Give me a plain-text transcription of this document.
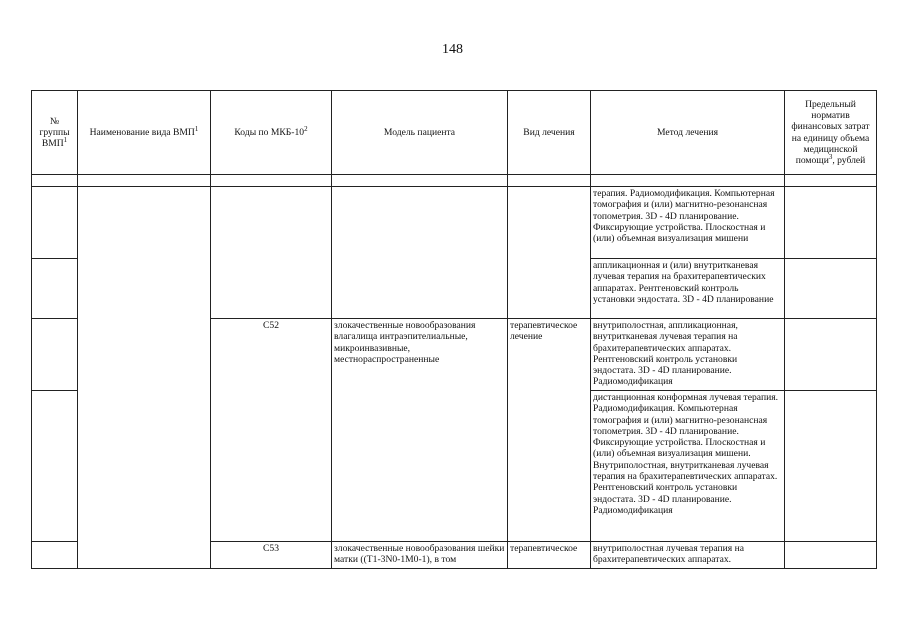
148
№ группы ВМП$^1$	Наименование вида ВМП$^1$	Коды по МКБ-$10^2$	Модель пациента	Вид лечения	Метод лечения	Предельный норматив финансовых затрат на единицу объема медицинской помощи$^3$, рублей

					терапия. Радиомодификация. Компьютерная томография и (или) магнитно-резонансная топометрия. 3D - 4D планирование. Фиксирующие устройства. Плоскостная и (или) объемная визуализация мишени	
					аппликационная и (или) внутритканевая лучевая терапия на брахитерапевтических аппаратах. Рентгеновский контроль установки эндостата. 3D - 4D планирование	
		C52	злокачественные новообразования влагалища интраэпителиальные, микроинвазивные, местнораспространенные	терапевтическое лечение	внутриполостная, аппликационная, внутритканевая лучевая терапия на брахитерапевтических аппаратах. Рентгеновский контроль установки эндостата. 3D - 4D планирование. Радиомодификация	
					дистанционная конформная лучевая терапия. Радиомодификация. Компьютерная томография и (или) магнитно-резонансная топометрия. 3D - 4D планирование. Фиксирующие устройства. Плоскостная и (или) объемная визуализация мишени. Внутриполостная, внутритканевая лучевая терапия на брахитерапевтических аппаратах. Рентгеновский контроль установки эндостата. 3D - 4D планирование. Радиомодификация	
		C53	злокачественные новообразования шейки матки ((T1-3N0-1M0-1), в том	терапевтическое	внутриполостная лучевая терапия на брахитерапевтических аппаратах.	
